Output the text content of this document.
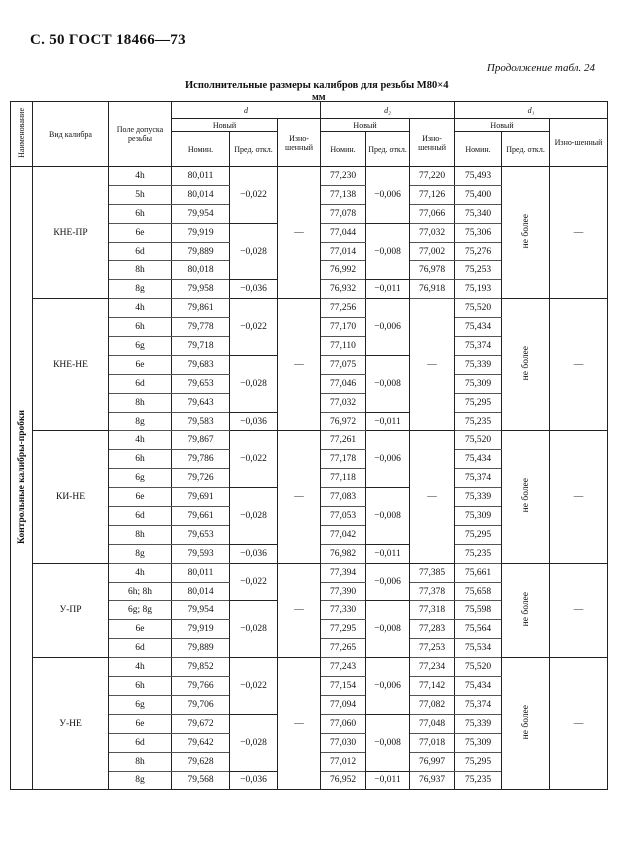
С. 50 ГОСТ 18466—73
Продолжение табл. 24
Исполнительные размеры калибров для резьбы М80×4
мм
Наименование	Вид калибра	Поле допуска резьбы	d			d₂			d₁		
			Новый		Изно-шенный	Новый		Изно-шенный	Новый		Изно-шенный
			Номин.	Пред. откл.		Номин.	Пред. откл.		Номин.	Пред. откл.	
Контрольные калибры-пробки	КНЕ-ПР	4h	80,011	−0,022	—	77,230	−0,006	77,220	75,493	не более	—
		5h	80,014			77,138		77,126	75,400		
		6h	79,954			77,078		77,066	75,340		
		6e	79,919	−0,028		77,044	−0,008	77,032	75,306		
		6d	79,889			77,014		77,002	75,276		
		8h	80,018			76,992		76,978	75,253		
		8g	79,958	−0,036		76,932	−0,011	76,918	75,193		
	КНЕ-НЕ	4h	79,861	−0,022	—	77,256	−0,006	—	75,520	не более	—
		6h	79,778			77,170			75,434		
		6g	79,718			77,110			75,374		
		6e	79,683	−0,028		77,075	−0,008		75,339		
		6d	79,653			77,046			75,309		
		8h	79,643			77,032			75,295		
		8g	79,583	−0,036		76,972	−0,011		75,235		
	КИ-НЕ	4h	79,867	−0,022	—	77,261	−0,006	—	75,520	не более	—
		6h	79,786			77,178			75,434		
		6g	79,726			77,118			75,374		
		6e	79,691	−0,028		77,083	−0,008		75,339		
		6d	79,661			77,053			75,309		
		8h	79,653			77,042			75,295		
		8g	79,593	−0,036		76,982	−0,011		75,235		
	У-ПР	4h	80,011	−0,022	—	77,394	−0,006	77,385	75,661	не более	—
		6h; 8h	80,014			77,390		77,378	75,658		
		6g; 8g	79,954	−0,028		77,330	−0,008	77,318	75,598		
		6e	79,919			77,295		77,283	75,564		
		6d	79,889			77,265		77,253	75,534		
	У-НЕ	4h	79,852	−0,022	—	77,243	−0,006	77,234	75,520	не более	—
		6h	79,766			77,154		77,142	75,434		
		6g	79,706			77,094		77,082	75,374		
		6e	79,672	−0,028		77,060	−0,008	77,048	75,339		
		6d	79,642			77,030		77,018	75,309		
		8h	79,628			77,012		76,997	75,295		
		8g	79,568	−0,036		76,952	−0,011	76,937	75,235		
